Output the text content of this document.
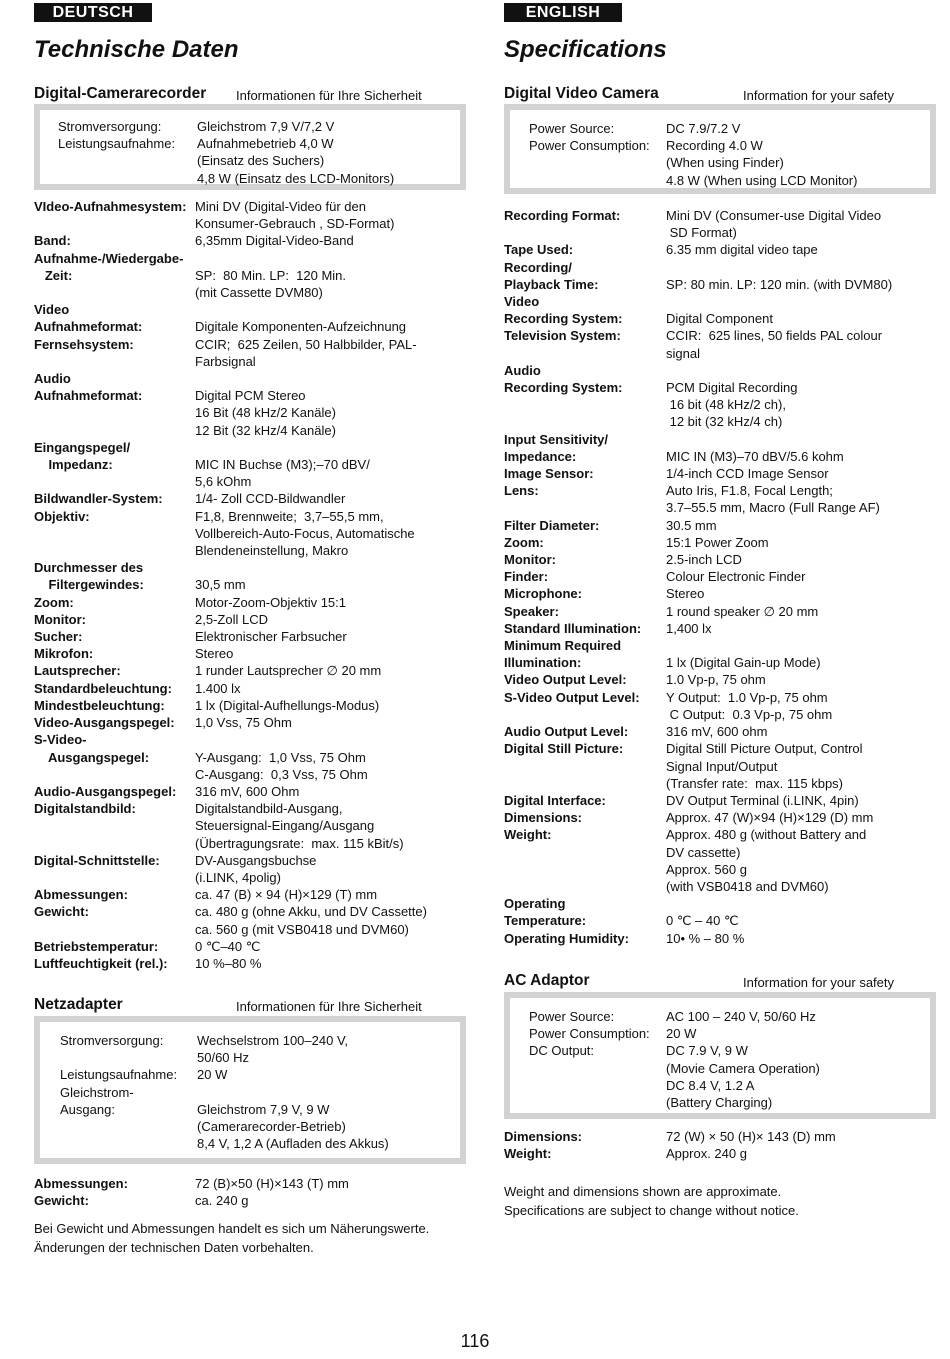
DEUTSCH
Technische Daten
Digital-Camerarecorder Informationen für Ihre Sicherheit
Stromversorgung:	Gleichstrom 7,9 V/7,2 V
Leistungsaufnahme:	Aufnahmebetrieb 4,0 W
(Einsatz des Suchers)
4,8 W (Einsatz des LCD-Monitors)
VIdeo-Aufnahmesystem: Mini DV (Digital-Video für den
Konsumer-Gebrauch , SD-Format)
Band:	6,35mm Digital-Video-Band
Aufnahme-/Wiedergabe-
Zeit:	SP:  80 Min. LP:  120 Min.
(mit Cassette DVM80)
Video
Aufnahmeformat:	Digitale Komponenten-Aufzeichnung
Fernsehsystem:	CCIR;  625 Zeilen, 50 Halbbilder, PAL-
Farbsignal
Audio
Aufnahmeformat:	Digital PCM Stereo
16 Bit (48 kHz/2 Kanäle)
12 Bit (32 kHz/4 Kanäle)
Eingangspegel/
Impedanz:	MIC IN Buchse (M3);–70 dBV/
5,6 kOhm
Bildwandler-System:	1/4- Zoll CCD-Bildwandler
Objektiv:	F1,8, Brennweite;  3,7–55,5 mm,
Vollbereich-Auto-Focus, Automatische
Blendeneinstellung, Makro
Durchmesser des
Filtergewindes:	30,5 mm
Zoom:	Motor-Zoom-Objektiv 15:1
Monitor:	2,5-Zoll LCD
Sucher:	Elektronischer Farbsucher
Mikrofon:	Stereo
Lautsprecher:	1 runder Lautsprecher ∅ 20 mm
Standardbeleuchtung:	1.400 lx
Mindestbeleuchtung:	1 lx (Digital-Aufhellungs-Modus)
Video-Ausgangspegel:	1,0 Vss, 75 Ohm
S-Video-
Ausgangspegel:	Y-Ausgang:  1,0 Vss, 75 Ohm
C-Ausgang:  0,3 Vss, 75 Ohm
Audio-Ausgangspegel:	316 mV, 600 Ohm
Digitalstandbild:	Digitalstandbild-Ausgang,
Steuersignal-Eingang/Ausgang
(Übertragungsrate:  max. 115 kBit/s)
Digital-Schnittstelle:	DV-Ausgangsbuchse
(i.LINK, 4polig)
Abmessungen:	ca. 47 (B) × 94 (H)×129 (T) mm
Gewicht:	ca. 480 g (ohne Akku, und DV Cassette)
ca. 560 g (mit VSB0418 und DVM60)
Betriebstemperatur:	0 ℃–40 ℃
Luftfeuchtigkeit (rel.):	10 %–80 %
Netzadapter	Informationen für Ihre Sicherheit
Stromversorgung:	Wechselstrom 100–240 V,
50/60 Hz
Leistungsaufnahme:	20 W
Gleichstrom-
Ausgang:	Gleichstrom 7,9 V, 9 W
(Camerarecorder-Betrieb)
8,4 V, 1,2 A (Aufladen des Akkus)
Abmessungen:	72 (B)×50 (H)×143 (T) mm
Gewicht:	ca. 240 g
Bei Gewicht und Abmessungen handelt es sich um Näherungswerte.
Änderungen der technischen Daten vorbehalten.
ENGLISH
Specifications
Digital Video Camera	Information for your safety
Power Source:	DC 7.9/7.2 V
Power Consumption:	Recording 4.0 W
(When using Finder)
4.8 W (When using LCD Monitor)
Recording Format:	Mini DV (Consumer-use Digital Video
SD Format)
Tape Used:	6.35 mm digital video tape
Recording/
Playback Time:	SP: 80 min. LP: 120 min. (with DVM80)
Video
Recording System:	Digital Component
Television System:	CCIR:  625 lines, 50 fields PAL colour
signal
Audio
Recording System:	PCM Digital Recording
16 bit (48 kHz/2 ch),
12 bit (32 kHz/4 ch)
Input Sensitivity/
Impedance:	MIC IN (M3)–70 dBV/5.6 kohm
Image Sensor:	1/4-inch CCD Image Sensor
Lens:	Auto Iris, F1.8, Focal Length;
3.7–55.5 mm, Macro (Full Range AF)
Filter Diameter:	30.5 mm
Zoom:	15:1 Power Zoom
Monitor:	2.5-inch LCD
Finder:	Colour Electronic Finder
Microphone:	Stereo
Speaker:	1 round speaker ∅ 20 mm
Standard Illumination:	1,400 lx
Minimum Required
Illumination:	1 lx (Digital Gain-up Mode)
Video Output Level:	1.0 Vp-p, 75 ohm
S-Video Output Level:	Y Output:  1.0 Vp-p, 75 ohm
C Output:  0.3 Vp-p, 75 ohm
Audio Output Level:	316 mV, 600 ohm
Digital Still Picture:	Digital Still Picture Output, Control
Signal Input/Output
(Transfer rate:  max. 115 kbps)
Digital Interface:	DV Output Terminal (i.LINK, 4pin)
Dimensions:	Approx. 47 (W)×94 (H)×129 (D) mm
Weight:	Approx. 480 g (without Battery and
DV cassette)
Approx. 560 g
(with VSB0418 and DVM60)
Operating
Temperature:	0 ℃ – 40 ℃
Operating Humidity:	10• % – 80 %
AC Adaptor	Information for your safety
Power Source:	AC 100 – 240 V, 50/60 Hz
Power Consumption:	20 W
DC Output:	DC 7.9 V, 9 W
(Movie Camera Operation)
DC 8.4 V, 1.2 A
(Battery Charging)
Dimensions:	72 (W) × 50 (H)× 143 (D) mm
Weight:	Approx. 240 g
Weight and dimensions shown are approximate.
Specifications are subject to change without notice.
116
